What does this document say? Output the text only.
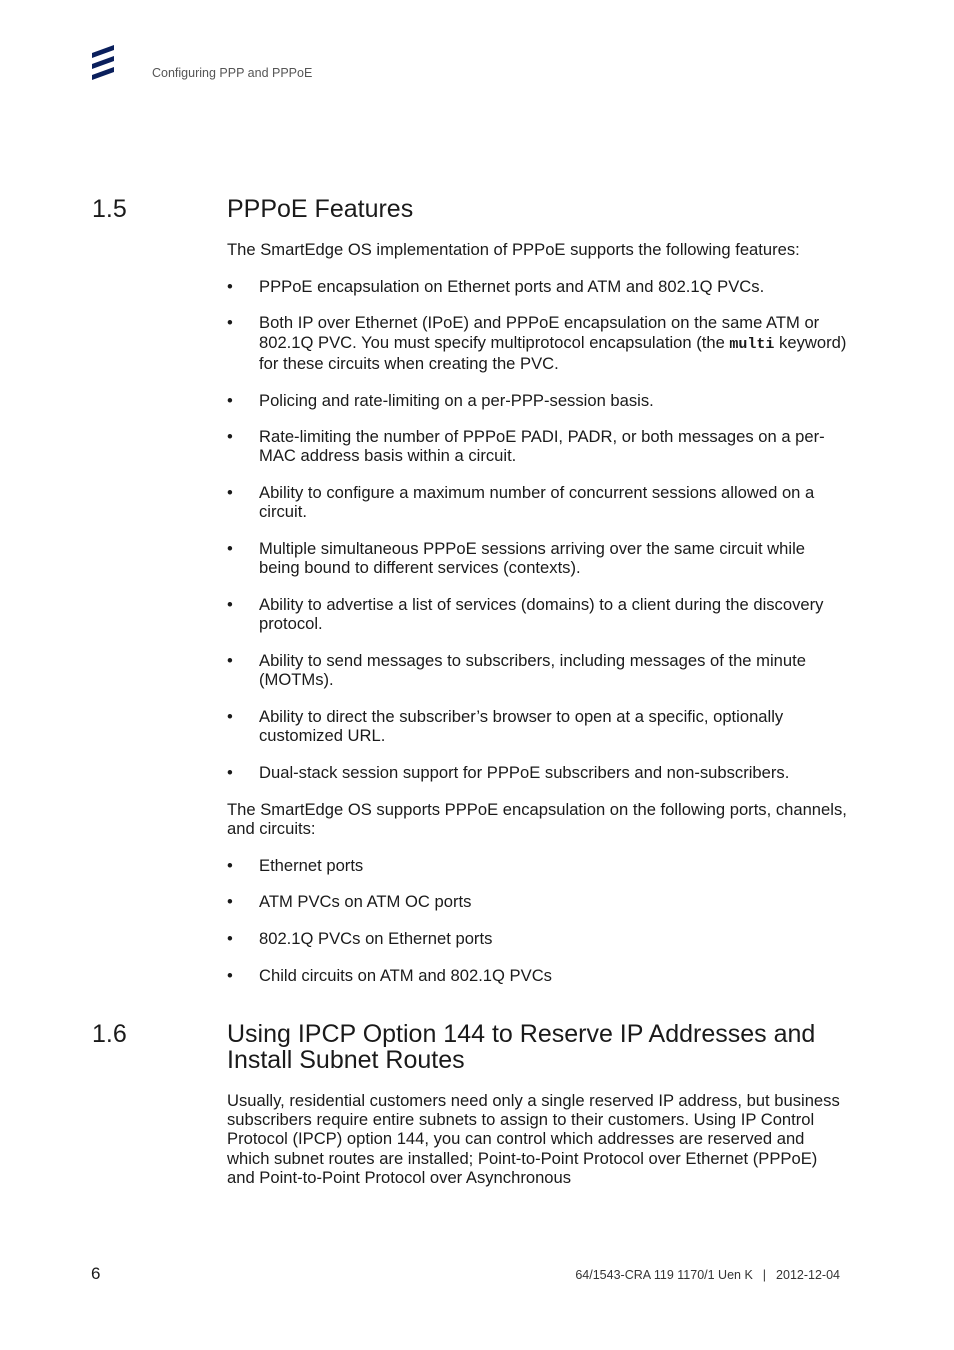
Configuring PPP and PPPoE
1.5	PPPoE Features

The SmartEdge OS implementation of PPPoE supports the following features:

• PPPoE encapsulation on Ethernet ports and ATM and 802.1Q PVCs.
• Both IP over Ethernet (IPoE) and PPPoE encapsulation on the same ATM or 802.1Q PVC. You must specify multiprotocol encapsulation (the multi keyword) for these circuits when creating the PVC.
• Policing and rate-limiting on a per-PPP-session basis.
• Rate-limiting the number of PPPoE PADI, PADR, or both messages on a per-MAC address basis within a circuit.
• Ability to configure a maximum number of concurrent sessions allowed on a circuit.
• Multiple simultaneous PPPoE sessions arriving over the same circuit while being bound to different services (contexts).
• Ability to advertise a list of services (domains) to a client during the discovery protocol.
• Ability to send messages to subscribers, including messages of the minute (MOTMs).
• Ability to direct the subscriber’s browser to open at a specific, optionally customized URL.
• Dual-stack session support for PPPoE subscribers and non-subscribers.

The SmartEdge OS supports PPPoE encapsulation on the following ports, channels, and circuits:

• Ethernet ports
• ATM PVCs on ATM OC ports
• 802.1Q PVCs on Ethernet ports
• Child circuits on ATM and 802.1Q PVCs
1.6	Using IPCP Option 144 to Reserve IP Addresses and Install Subnet Routes

Usually, residential customers need only a single reserved IP address, but business subscribers require entire subnets to assign to their customers. Using IP Control Protocol (IPCP) option 144, you can control which addresses are reserved and which subnet routes are installed; Point-to-Point Protocol over Ethernet (PPPoE) and Point-to-Point Protocol over Asynchronous

6	64/1543-CRA 119 1170/1 Uen K | 2012-12-04
